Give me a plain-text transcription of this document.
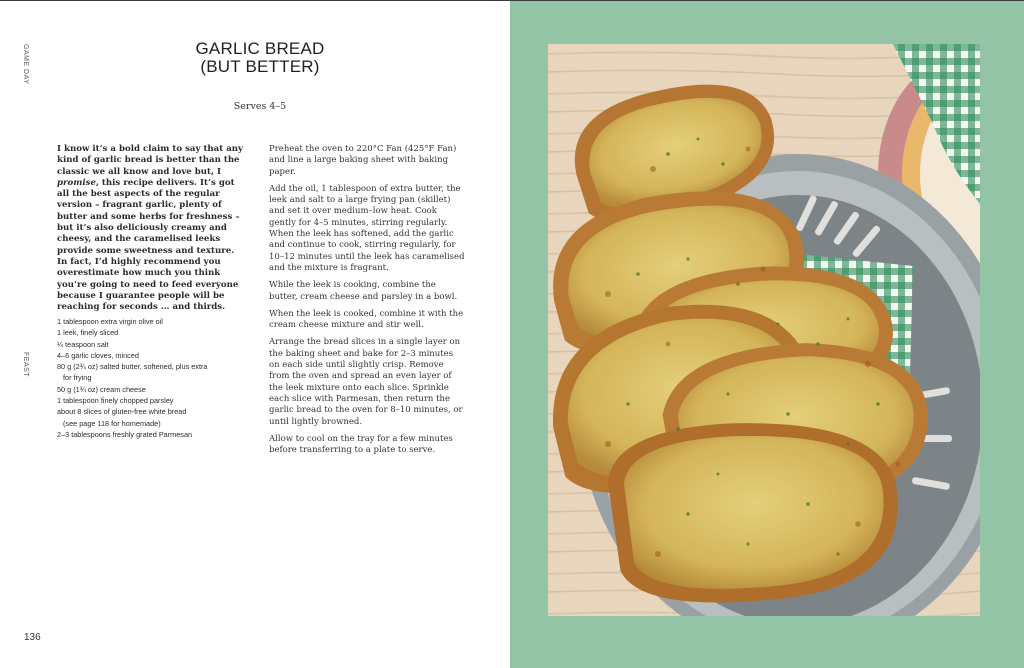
GAME DAY
FEAST
GARLIC BREAD
(BUT BETTER)
Serves 4–5
I know it’s a bold claim to say that any kind of garlic bread is better than the classic we all know and love but, I promise, this recipe delivers. It’s got all the best aspects of the regular version – fragrant garlic, plenty of butter and some herbs for freshness – but it’s also deliciously creamy and cheesy, and the caramelised leeks provide some sweetness and texture. In fact, I’d highly recommend you overestimate how much you think you’re going to need to feed everyone because I guarantee people will be reaching for seconds … and thirds.
1 tablespoon extra virgin olive oil
1 leek, finely sliced
¼ teaspoon salt
4–6 garlic cloves, minced
80 g (2¾ oz) salted butter, softened, plus extra
for frying
50 g (1¾ oz) cream cheese
1 tablespoon finely chopped parsley
about 8 slices of gluten-free white bread
(see page 118 for homemade)
2–3 tablespoons freshly grated Parmesan

Preheat the oven to 220°C Fan (425°F Fan) and line a large baking sheet with baking paper.

Add the oil, 1 tablespoon of extra butter, the leek and salt to a large frying pan (skillet) and set it over medium–low heat. Cook gently for 4–5 minutes, stirring regularly. When the leek has softened, add the garlic and continue to cook, stirring regularly, for 10–12 minutes until the leek has caramelised and the mixture is fragrant.

While the leek is cooking, combine the butter, cream cheese and parsley in a bowl.

When the leek is cooked, combine it with the cream cheese mixture and stir well.

Arrange the bread slices in a single layer on the baking sheet and bake for 2–3 minutes on each side until slightly crisp. Remove from the oven and spread an even layer of the leek mixture onto each slice. Sprinkle each slice with Parmesan, then return the garlic bread to the oven for 8–10 minutes, or until lightly browned.

Allow to cool on the tray for a few minutes before transferring to a plate to serve.

136
